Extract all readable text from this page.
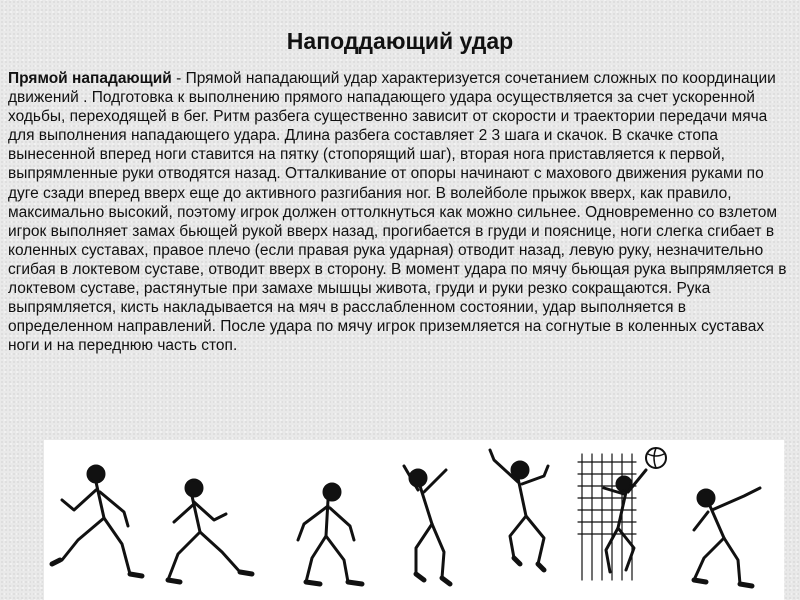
Наподдающий удар

Прямой нападающий - Прямой нападающий удар характеризуется сочетанием сложных по координации движений . Подготовка к выполнению прямого нападающего удара осуществляется за счет ускоренной ходьбы, переходящей в бег. Ритм разбега существенно зависит от скорости и траектории передачи мяча для выполнения нападающего удара. Длина разбега составляет 2 3 шага и скачок. В скачке стопа вынесенной вперед ноги ставится на пятку (стопорящий шаг), вторая нога приставляется к первой, выпрямленные руки отводятся назад. Отталкивание от опоры начинают с махового движения руками по дуге сзади вперед вверх еще до активного разгибания ног. В волейболе прыжок вверх, как правило, максимально высокий, поэтому игрок должен оттолкнуться как можно сильнее. Одновременно со взлетом игрок выполняет замах бьющей рукой вверх назад, прогибается в груди и пояснице, ноги слегка сгибает в коленных суставах, правое плечо (если правая рука ударная) отводит назад, левую руку, незначительно сгибая в локтевом суставе, отводит вверх в сторону. В момент удара по мячу бьющая рука выпрямляется в локтевом суставе, растянутые при замахе мышцы живота, груди и руки резко сокращаются. Рука выпрямляется, кисть накладывается на мяч в расслабленном состоянии, удар выполняется в определенном направлений. После удара по мячу игрок приземляется на согнутые в коленных суставах ноги и на переднюю часть стоп.
